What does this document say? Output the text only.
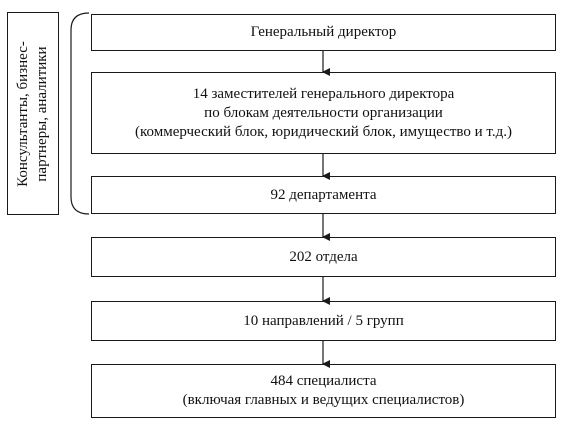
Консультанты, бизнес- партнеры, аналитики
Генеральный директор
14 заместителей генерального директора
по блокам деятельности организации
(коммерческий блок, юридический блок, имущество и т.д.)
92 департамента
202 отдела
10 направлений / 5 групп
484 специалиста
(включая главных и ведущих специалистов)
